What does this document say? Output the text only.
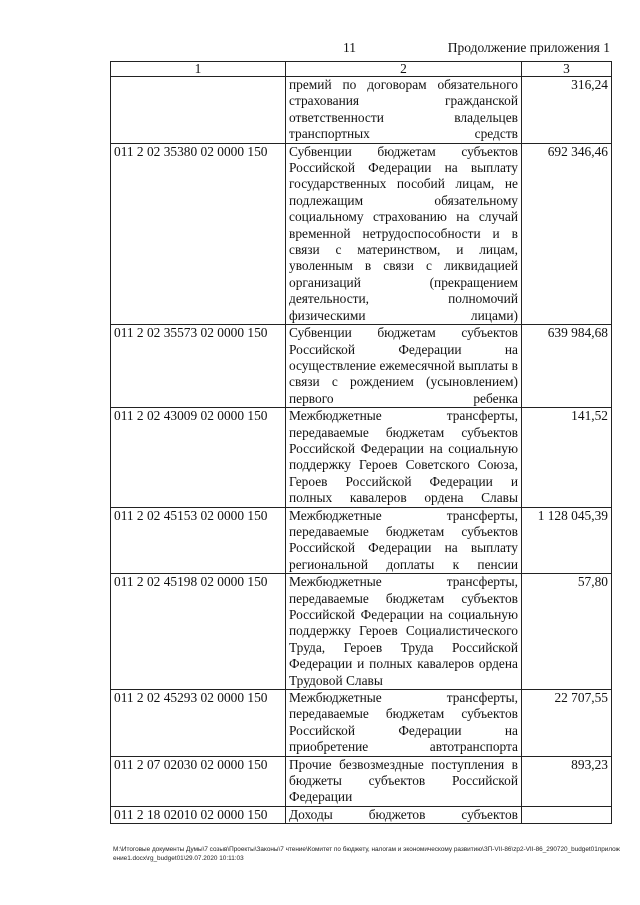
11	Продолжение приложения 1
1	2	3
	премий по договорам обязательного страхования гражданской ответственности владельцев транспортных средств	316,24
011 2 02 35380 02 0000 150	Субвенции бюджетам субъектов Российской Федерации на выплату государственных пособий лицам, не подлежащим обязательному социальному страхованию на случай временной нетрудоспособности и в связи с материнством, и лицам, уволенным в связи с ликвидацией организаций (прекращением деятельности, полномочий физическими лицами)	692 346,46
011 2 02 35573 02 0000 150	Субвенции бюджетам субъектов Российской Федерации на осуществление ежемесячной выплаты в связи с рождением (усыновлением) первого ребенка	639 984,68
011 2 02 43009 02 0000 150	Межбюджетные трансферты, передаваемые бюджетам субъектов Российской Федерации на социальную поддержку Героев Советского Союза, Героев Российской Федерации и полных кавалеров ордена Славы	141,52
011 2 02 45153 02 0000 150	Межбюджетные трансферты, передаваемые бюджетам субъектов Российской Федерации на выплату региональной доплаты к пенсии	1 128 045,39
011 2 02 45198 02 0000 150	Межбюджетные трансферты, передаваемые бюджетам субъектов Российской Федерации на социальную поддержку Героев Социалистического Труда, Героев Труда Российской Федерации и полных кавалеров ордена Трудовой Славы	57,80
011 2 02 45293 02 0000 150	Межбюджетные трансферты, передаваемые бюджетам субъектов Российской Федерации на приобретение автотранспорта	22 707,55
011 2 07 02030 02 0000 150	Прочие безвозмездные поступления в бюджеты субъектов Российской Федерации	893,23
011 2 18 02010 02 0000 150	Доходы бюджетов субъектов	
M:\Итоговые документы Думы\7 созыв\Проекты\Законы\7 чтение\Комитет по бюджету, налогам и экономическому развитию\ЗП-VII-86\zp2-VII-86_290720_budget01приложение1.docx\rg_budget01\29.07.2020 10:11:03
